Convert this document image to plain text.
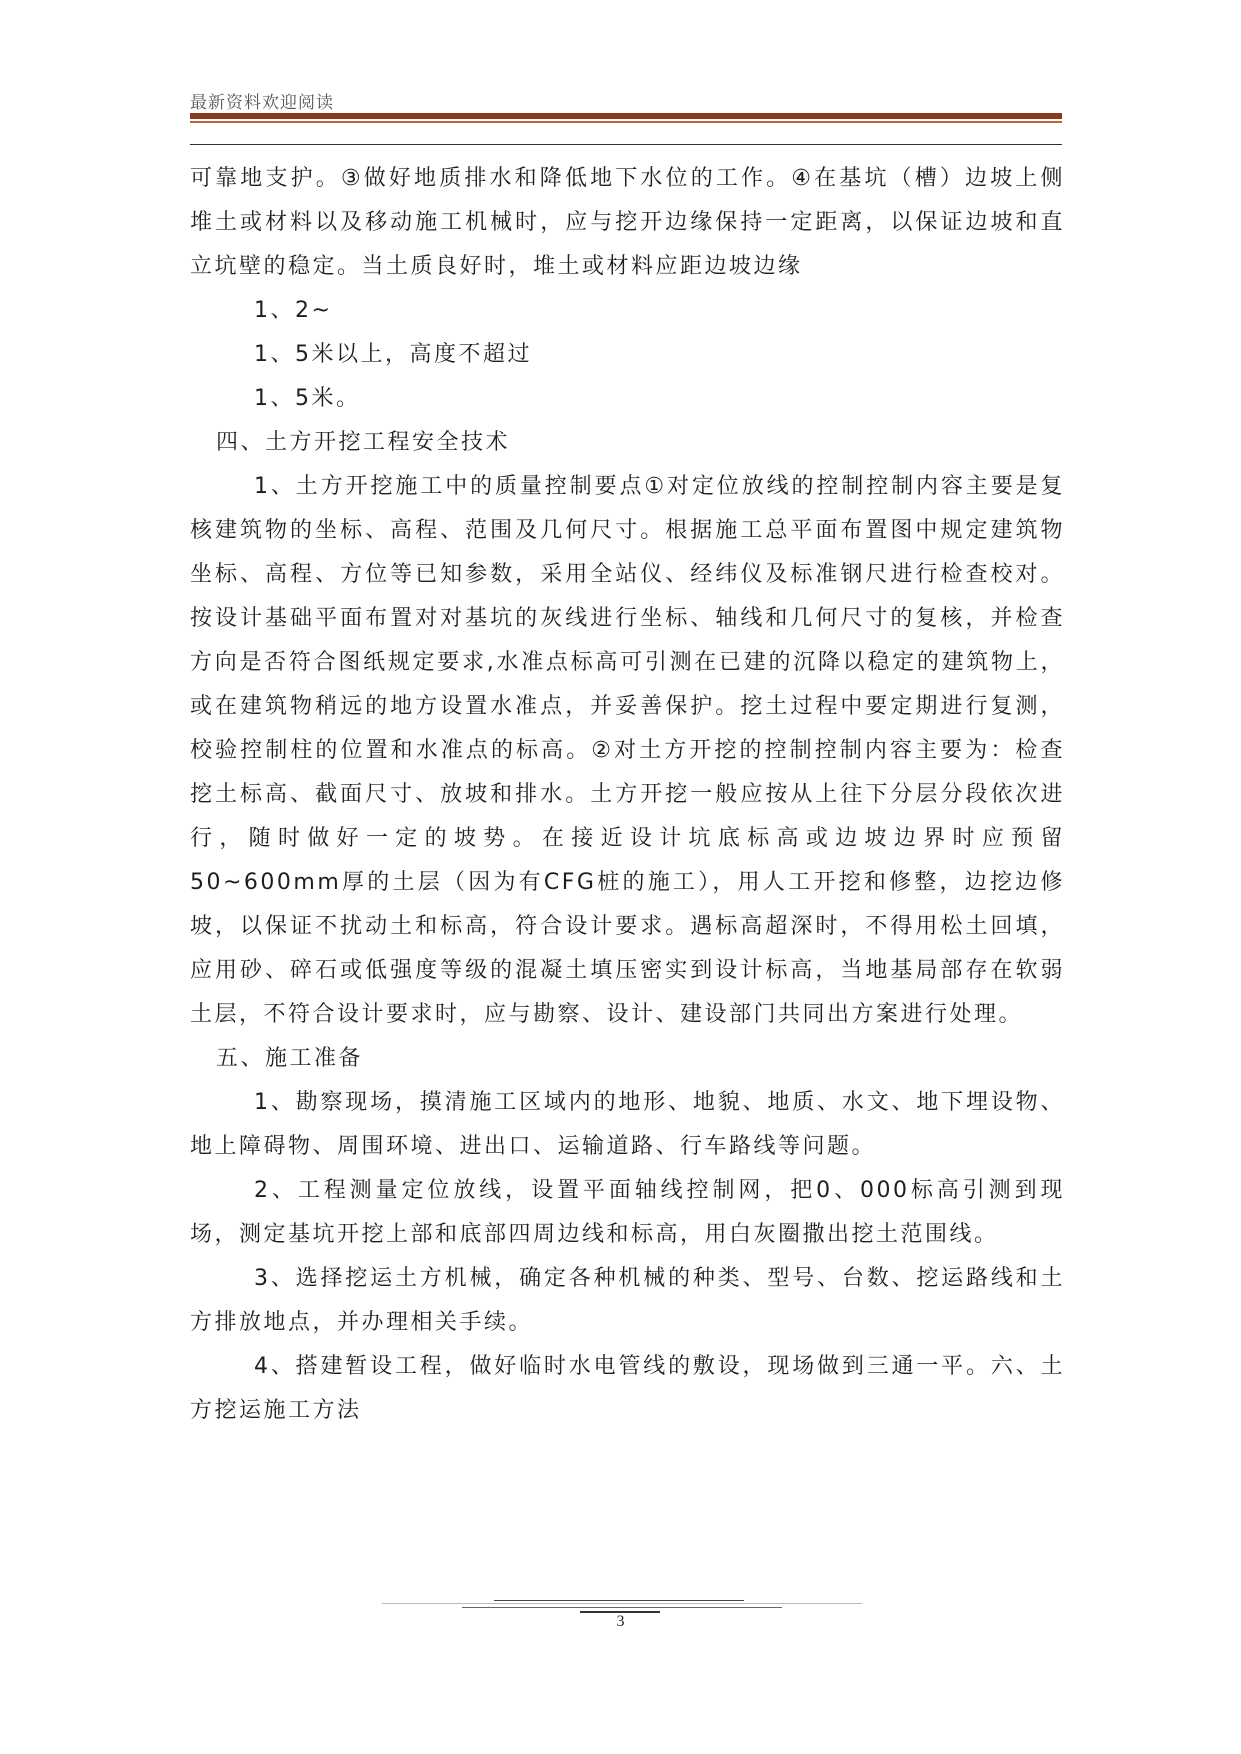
最新资料欢迎阅读

可靠地支护。③做好地质排水和降低地下水位的工作。④在基坑（槽）边坡上侧堆土或材料以及移动施工机械时，应与挖开边缘保持一定距离，以保证边坡和直立坑壁的稳定。当土质良好时，堆土或材料应距边坡边缘

1、2~

1、5米以上，高度不超过

1、5米。

四、土方开挖工程安全技术

1、土方开挖施工中的质量控制要点①对定位放线的控制控制内容主要是复核建筑物的坐标、高程、范围及几何尺寸。根据施工总平面布置图中规定建筑物坐标、高程、方位等已知参数，采用全站仪、经纬仪及标准钢尺进行检查校对。按设计基础平面布置对对基坑的灰线进行坐标、轴线和几何尺寸的复核，并检查方向是否符合图纸规定要求,水准点标高可引测在已建的沉降以稳定的建筑物上，或在建筑物稍远的地方设置水准点，并妥善保护。挖土过程中要定期进行复测，校验控制柱的位置和水准点的标高。②对土方开挖的控制控制内容主要为：检查挖土标高、截面尺寸、放坡和排水。土方开挖一般应按从上往下分层分段依次进行，随时做好一定的坡势。在接近设计坑底标高或边坡边界时应预留50~600mm厚的土层（因为有CFG桩的施工），用人工开挖和修整，边挖边修坡，以保证不扰动土和标高，符合设计要求。遇标高超深时，不得用松土回填，应用砂、碎石或低强度等级的混凝土填压密实到设计标高，当地基局部存在软弱土层，不符合设计要求时，应与勘察、设计、建设部门共同出方案进行处理。

五、施工准备

1、勘察现场，摸清施工区域内的地形、地貌、地质、水文、地下埋设物、地上障碍物、周围环境、进出口、运输道路、行车路线等问题。

2、工程测量定位放线，设置平面轴线控制网，把0、000标高引测到现场，测定基坑开挖上部和底部四周边线和标高，用白灰圈撒出挖土范围线。

3、选择挖运土方机械，确定各种机械的种类、型号、台数、挖运路线和土方排放地点，并办理相关手续。

4、搭建暂设工程，做好临时水电管线的敷设，现场做到三通一平。六、土方挖运施工方法

3
